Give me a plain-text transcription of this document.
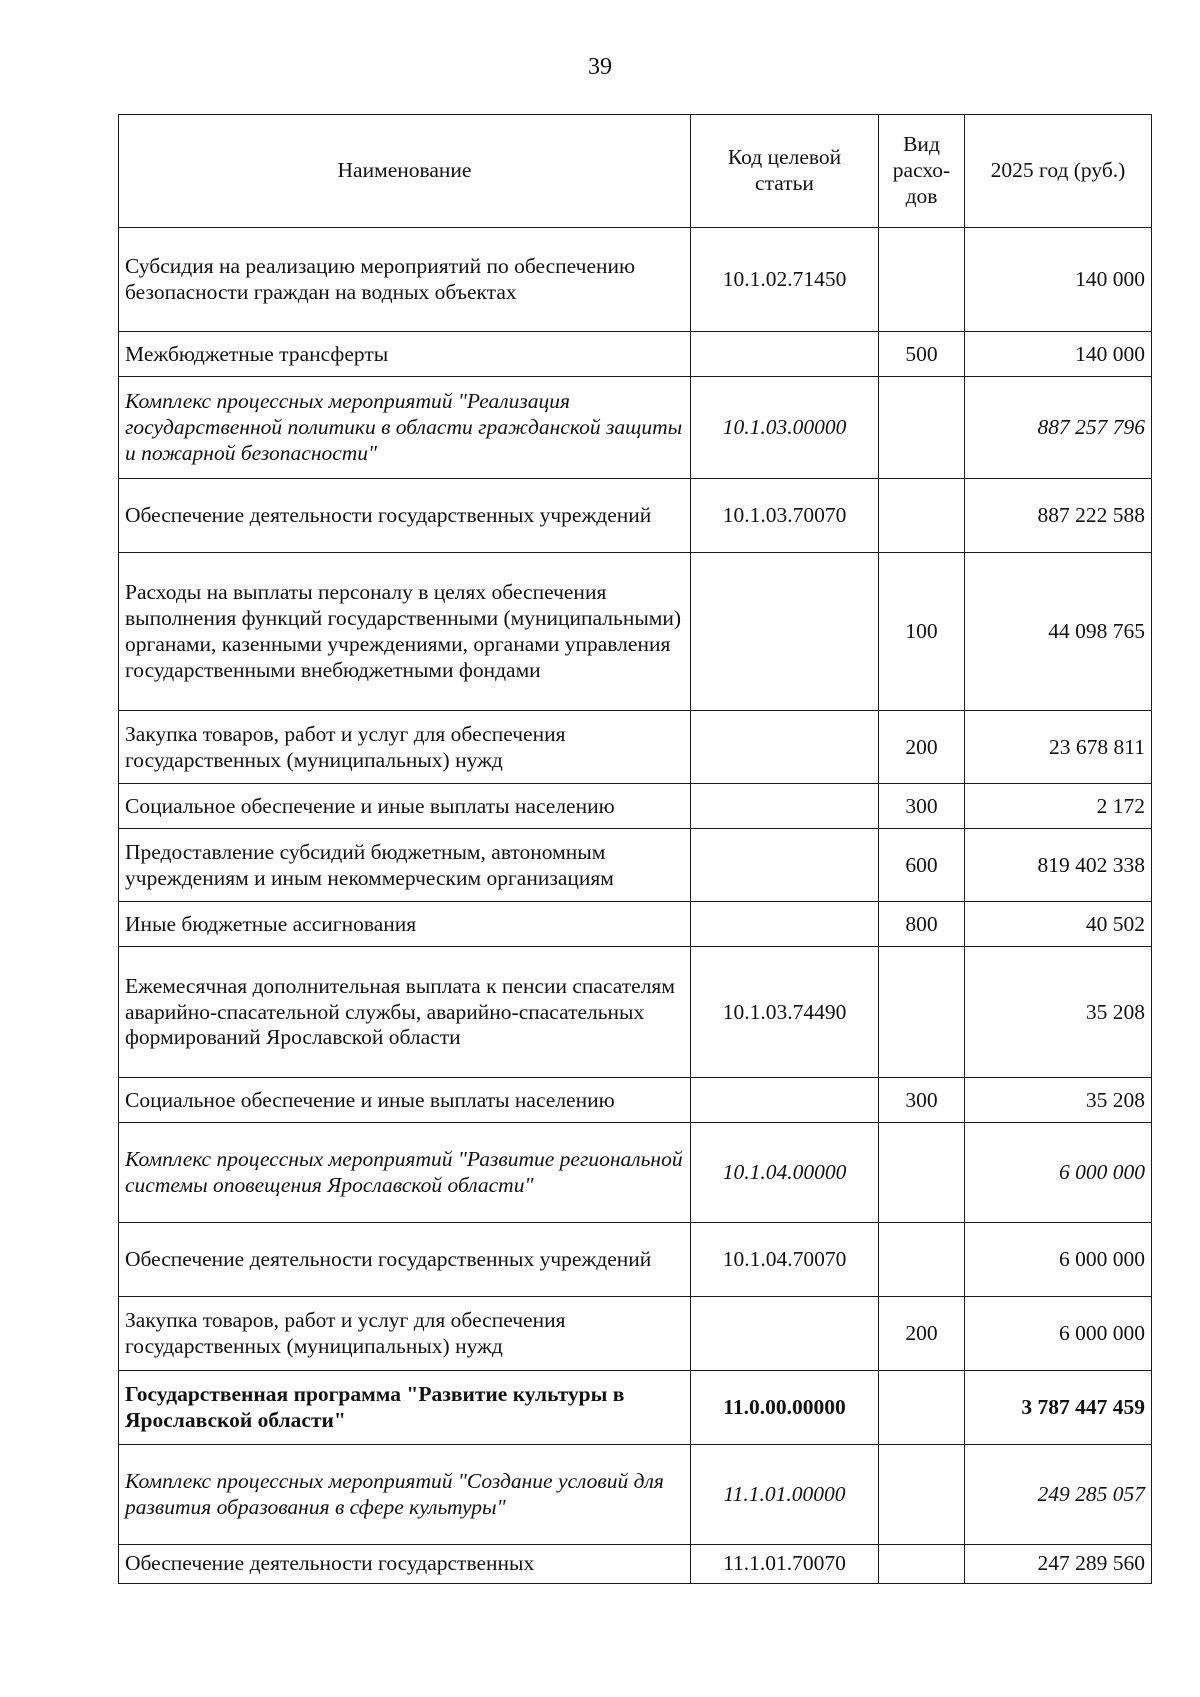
39
Наименование	Код целевой статьи	Вид расхо-дов	2025 год (руб.)
Субсидия на реализацию мероприятий по обеспечению безопасности граждан на водных объектах	10.1.02.71450		140 000
Межбюджетные трансферты		500	140 000
Комплекс процессных мероприятий "Реализация государственной политики в области гражданской защиты и пожарной безопасности"	10.1.03.00000		887 257 796
Обеспечение деятельности государственных учреждений	10.1.03.70070		887 222 588
Расходы на выплаты персоналу в целях обеспечения выполнения функций государственными (муниципальными) органами, казенными учреждениями, органами управления государственными внебюджетными фондами		100	44 098 765
Закупка товаров, работ и услуг для обеспечения государственных (муниципальных) нужд		200	23 678 811
Социальное обеспечение и иные выплаты населению		300	2 172
Предоставление субсидий бюджетным, автономным учреждениям и иным некоммерческим организациям		600	819 402 338
Иные бюджетные ассигнования		800	40 502
Ежемесячная дополнительная выплата к пенсии спасателям аварийно-спасательной службы, аварийно-спасательных формирований Ярославской области	10.1.03.74490		35 208
Социальное обеспечение и иные выплаты населению		300	35 208
Комплекс процессных мероприятий "Развитие региональной системы оповещения Ярославской области"	10.1.04.00000		6 000 000
Обеспечение деятельности государственных учреждений	10.1.04.70070		6 000 000
Закупка товаров, работ и услуг для обеспечения государственных (муниципальных) нужд		200	6 000 000
Государственная программа "Развитие культуры в Ярославской области"	11.0.00.00000		3 787 447 459
Комплекс процессных мероприятий "Создание условий для развития образования в сфере культуры"	11.1.01.00000		249 285 057
Обеспечение деятельности государственных	11.1.01.70070		247 289 560
